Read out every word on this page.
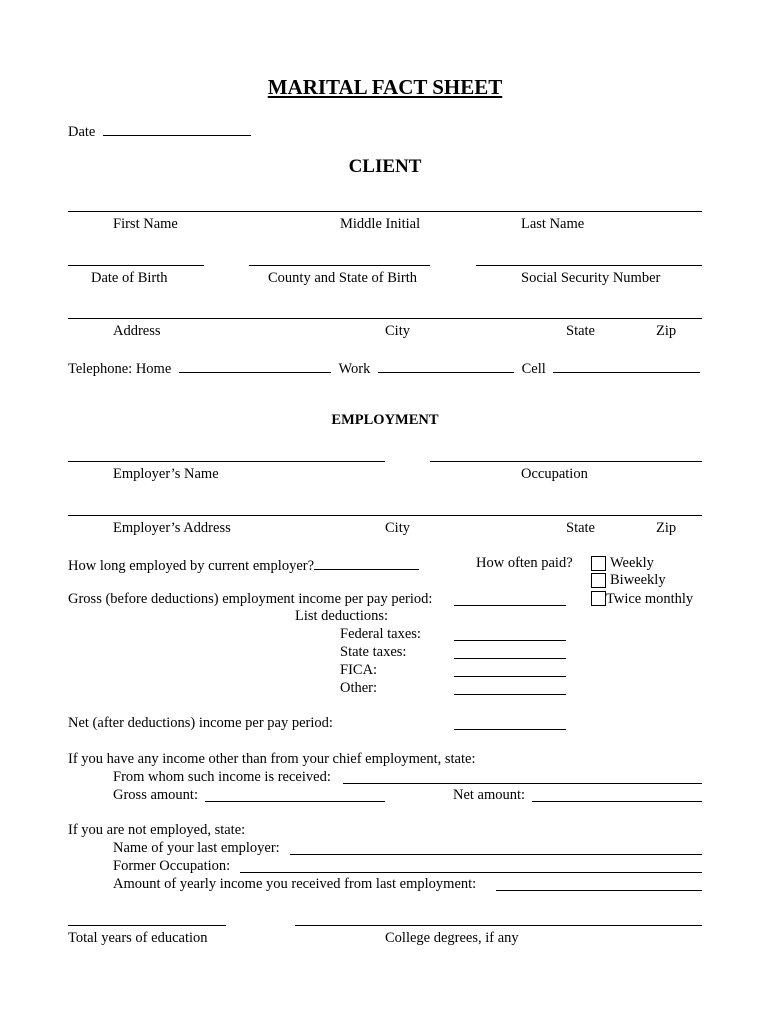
MARITAL FACT SHEET
Date
CLIENT
First Name	Middle Initial	Last Name
Date of Birth	County and State of Birth	Social Security Number
Address	City	State	Zip
Telephone: Home	Work	Cell
EMPLOYMENT
Employer’s Name	Occupation
Employer’s Address	City	State	Zip
How long employed by current employer?	How often paid?	Weekly
Biweekly
Twice monthly
Gross (before deductions) employment income per pay period:
List deductions:
Federal taxes:
State taxes:
FICA:
Other:
Net (after deductions) income per pay period:
If you have any income other than from your chief employment, state:
From whom such income is received:
Gross amount:	Net amount:
If you are not employed, state:
Name of your last employer:
Former Occupation:
Amount of yearly income you received from last employment:
Total years of education	College degrees, if any
